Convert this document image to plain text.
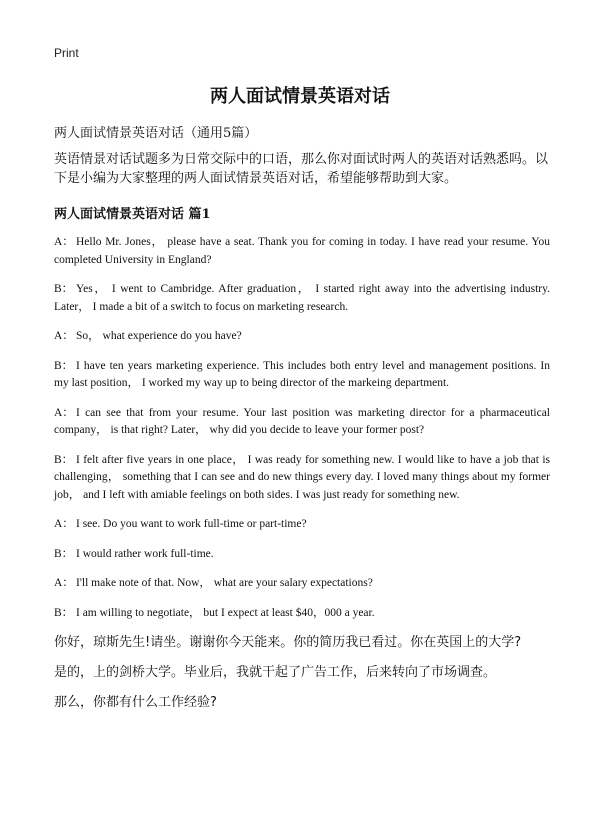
Print
两人面试情景英语对话
两人面试情景英语对话（通用5篇）
英语情景对话试题多为日常交际中的口语，那么你对面试时两人的英语对话熟悉吗。以下是小编为大家整理的两人面试情景英语对话，希望能够帮助到大家。
两人面试情景英语对话 篇1
A： Hello Mr. Jones， please have a seat. Thank you for coming in today. I have read your resume. You completed University in England?
B： Yes， I went to Cambridge. After graduation， I started right away into the advertising industry. Later， I made a bit of a switch to focus on marketing research.
A： So， what experience do you have?
B： I have ten years marketing experience. This includes both entry level and management positions. In my last position， I worked my way up to being director of the markeing department.
A： I can see that from your resume. Your last position was marketing director for a pharmaceutical company， is that right? Later， why did you decide to leave your former post?
B： I felt after five years in one place， I was ready for something new. I would like to have a job that is challenging， something that I can see and do new things every day. I loved many things about my former job， and I left with amiable feelings on both sides. I was just ready for something new.
A： I see. Do you want to work full-time or part-time?
B： I would rather work full-time.
A： I'll make note of that. Now， what are your salary expectations?
B： I am willing to negotiate， but I expect at least $40，000 a year.
你好，琼斯先生!请坐。谢谢你今天能来。你的简历我已看过。你在英国上的大学?
是的，上的剑桥大学。毕业后，我就干起了广告工作，后来转向了市场调查。
那么，你都有什么工作经验?
